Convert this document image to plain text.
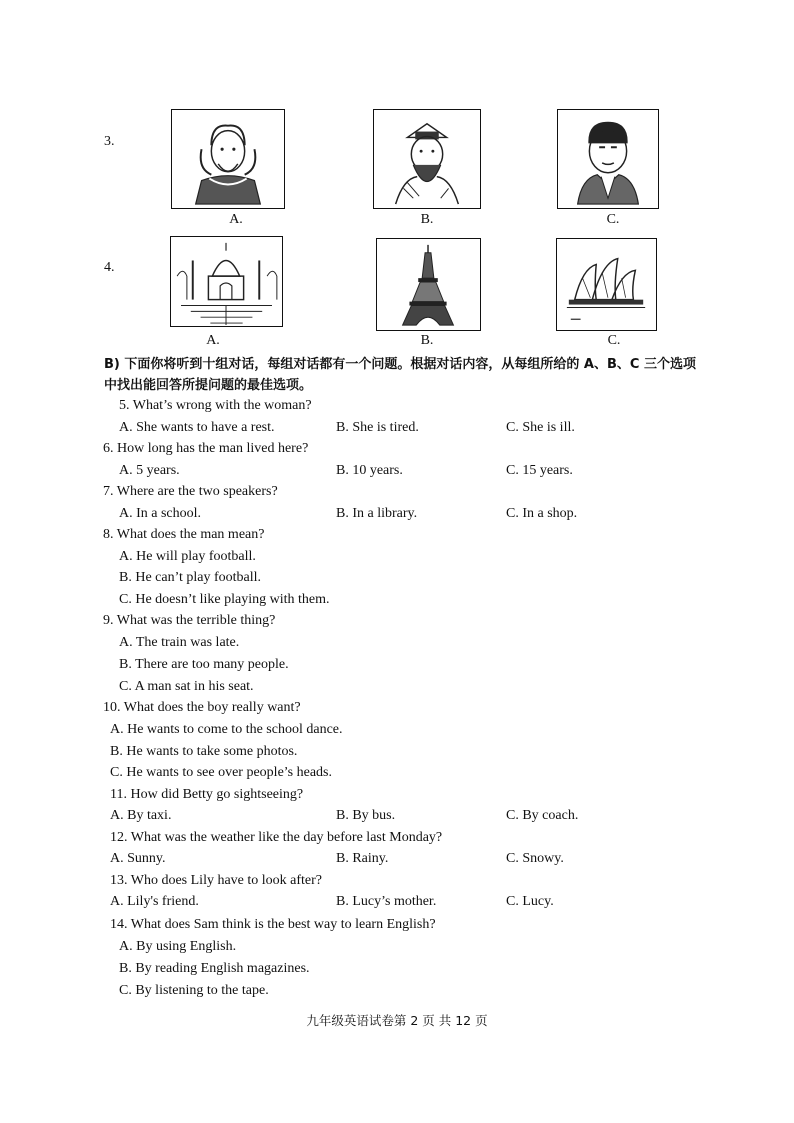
3.
A.	B.	C.
4.
A.	B.	C.
B) 下面你将听到十组对话，每组对话都有一个问题。根据对话内容，从每组所给的 A、B、C 三个选项中找出能回答所提问题的最佳选项。
5. What’s wrong with the woman?
A. She wants to have a rest.	B. She is tired.	C. She is ill.
6. How long has the man lived here?
A. 5 years.	B. 10 years.	C. 15 years.
7. Where are the two speakers?
A. In a school.	B. In a library.	C. In a shop.
8. What does the man mean?
A. He will play football.
B. He can’t play football.
C. He doesn’t like playing with them.
9. What was the terrible thing?
A. The train was late.
B. There are too many people.
C. A man sat in his seat.
10. What does the boy really want?
A. He wants to come to the school dance.
B. He wants to take some photos.
C. He wants to see over people’s heads.
11. How did Betty go sightseeing?
A. By taxi.	B. By bus.	C. By coach.
12. What was the weather like the day before last Monday?
A. Sunny.	B. Rainy.	C. Snowy.
13. Who does Lily have to look after?
A. Lily's friend.	B. Lucy’s mother.	C. Lucy.
14. What does Sam think is the best way to learn English?
A. By using English.
B. By reading English magazines.
C. By listening to the tape.
九年级英语试卷第 2 页 共 12 页
